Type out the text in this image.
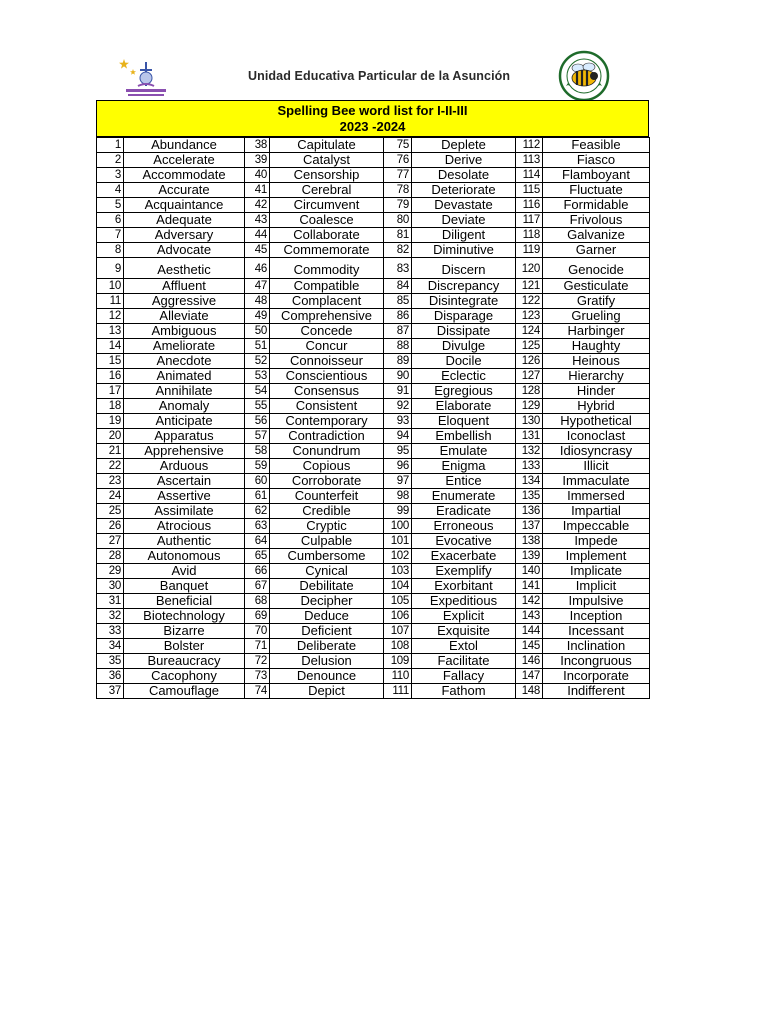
Unidad Educativa Particular de la Asunción
Spelling Bee word list for I-II-III
2023 -2024
1	Abundance	38	Capitulate	75	Deplete	112	Feasible
2	Accelerate	39	Catalyst	76	Derive	113	Fiasco
3	Accommodate	40	Censorship	77	Desolate	114	Flamboyant
4	Accurate	41	Cerebral	78	Deteriorate	115	Fluctuate
5	Acquaintance	42	Circumvent	79	Devastate	116	Formidable
6	Adequate	43	Coalesce	80	Deviate	117	Frivolous
7	Adversary	44	Collaborate	81	Diligent	118	Galvanize
8	Advocate	45	Commemorate	82	Diminutive	119	Garner
9	Aesthetic	46	Commodity	83	Discern	120	Genocide
10	Affluent	47	Compatible	84	Discrepancy	121	Gesticulate
11	Aggressive	48	Complacent	85	Disintegrate	122	Gratify
12	Alleviate	49	Comprehensive	86	Disparage	123	Grueling
13	Ambiguous	50	Concede	87	Dissipate	124	Harbinger
14	Ameliorate	51	Concur	88	Divulge	125	Haughty
15	Anecdote	52	Connoisseur	89	Docile	126	Heinous
16	Animated	53	Conscientious	90	Eclectic	127	Hierarchy
17	Annihilate	54	Consensus	91	Egregious	128	Hinder
18	Anomaly	55	Consistent	92	Elaborate	129	Hybrid
19	Anticipate	56	Contemporary	93	Eloquent	130	Hypothetical
20	Apparatus	57	Contradiction	94	Embellish	131	Iconoclast
21	Apprehensive	58	Conundrum	95	Emulate	132	Idiosyncrasy
22	Arduous	59	Copious	96	Enigma	133	Illicit
23	Ascertain	60	Corroborate	97	Entice	134	Immaculate
24	Assertive	61	Counterfeit	98	Enumerate	135	Immersed
25	Assimilate	62	Credible	99	Eradicate	136	Impartial
26	Atrocious	63	Cryptic	100	Erroneous	137	Impeccable
27	Authentic	64	Culpable	101	Evocative	138	Impede
28	Autonomous	65	Cumbersome	102	Exacerbate	139	Implement
29	Avid	66	Cynical	103	Exemplify	140	Implicate
30	Banquet	67	Debilitate	104	Exorbitant	141	Implicit
31	Beneficial	68	Decipher	105	Expeditious	142	Impulsive
32	Biotechnology	69	Deduce	106	Explicit	143	Inception
33	Bizarre	70	Deficient	107	Exquisite	144	Incessant
34	Bolster	71	Deliberate	108	Extol	145	Inclination
35	Bureaucracy	72	Delusion	109	Facilitate	146	Incongruous
36	Cacophony	73	Denounce	110	Fallacy	147	Incorporate
37	Camouflage	74	Depict	111	Fathom	148	Indifferent
